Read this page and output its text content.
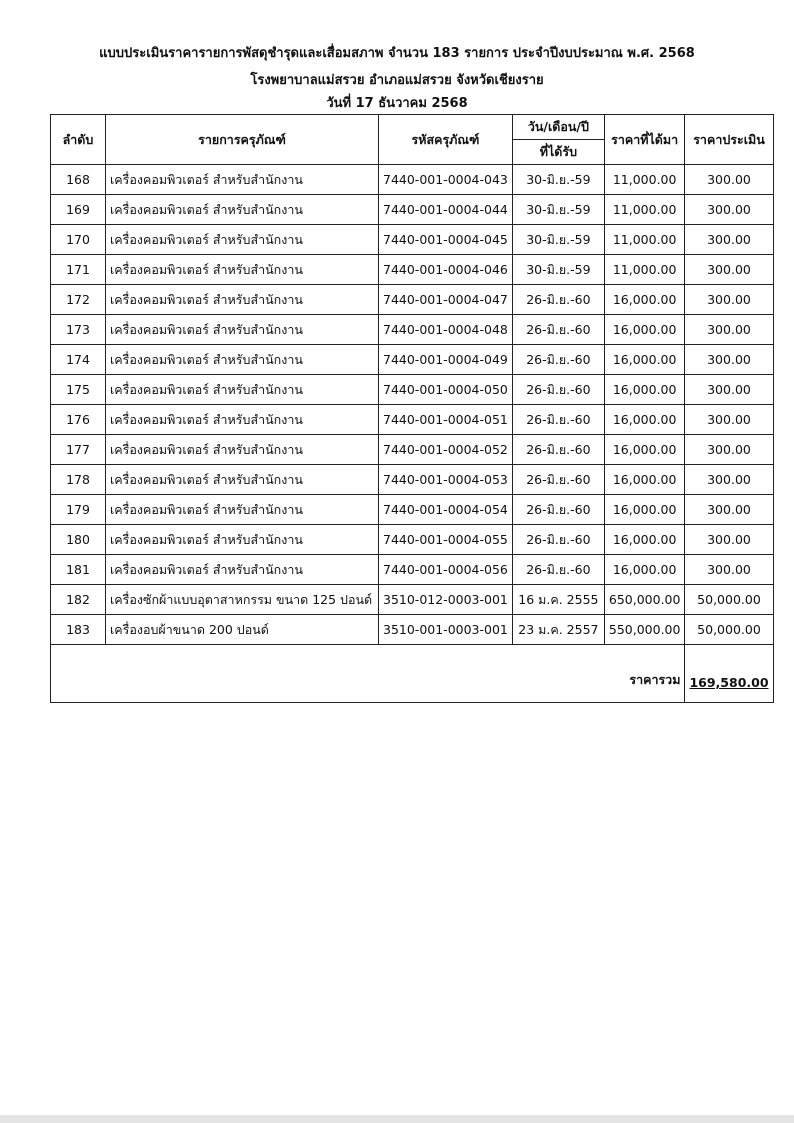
แบบประเมินราคารายการพัสดุชำรุดและเสื่อมสภาพ จำนวน 183 รายการ ประจำปีงบประมาณ พ.ศ. 2568
โรงพยาบาลแม่สรวย อำเภอแม่สรวย จังหวัดเชียงราย
วันที่ 17 ธันวาคม 2568
ลำดับ	รายการครุภัณฑ์	รหัสครุภัณฑ์	วัน/เดือน/ปี	ราคาที่ได้มา	ราคาประเมิน
			ที่ได้รับ		
168	เครื่องคอมพิวเตอร์ สำหรับสำนักงาน	7440-001-0004-043	30-มิ.ย.-59	11,000.00	300.00
169	เครื่องคอมพิวเตอร์ สำหรับสำนักงาน	7440-001-0004-044	30-มิ.ย.-59	11,000.00	300.00
170	เครื่องคอมพิวเตอร์ สำหรับสำนักงาน	7440-001-0004-045	30-มิ.ย.-59	11,000.00	300.00
171	เครื่องคอมพิวเตอร์ สำหรับสำนักงาน	7440-001-0004-046	30-มิ.ย.-59	11,000.00	300.00
172	เครื่องคอมพิวเตอร์ สำหรับสำนักงาน	7440-001-0004-047	26-มิ.ย.-60	16,000.00	300.00
173	เครื่องคอมพิวเตอร์ สำหรับสำนักงาน	7440-001-0004-048	26-มิ.ย.-60	16,000.00	300.00
174	เครื่องคอมพิวเตอร์ สำหรับสำนักงาน	7440-001-0004-049	26-มิ.ย.-60	16,000.00	300.00
175	เครื่องคอมพิวเตอร์ สำหรับสำนักงาน	7440-001-0004-050	26-มิ.ย.-60	16,000.00	300.00
176	เครื่องคอมพิวเตอร์ สำหรับสำนักงาน	7440-001-0004-051	26-มิ.ย.-60	16,000.00	300.00
177	เครื่องคอมพิวเตอร์ สำหรับสำนักงาน	7440-001-0004-052	26-มิ.ย.-60	16,000.00	300.00
178	เครื่องคอมพิวเตอร์ สำหรับสำนักงาน	7440-001-0004-053	26-มิ.ย.-60	16,000.00	300.00
179	เครื่องคอมพิวเตอร์ สำหรับสำนักงาน	7440-001-0004-054	26-มิ.ย.-60	16,000.00	300.00
180	เครื่องคอมพิวเตอร์ สำหรับสำนักงาน	7440-001-0004-055	26-มิ.ย.-60	16,000.00	300.00
181	เครื่องคอมพิวเตอร์ สำหรับสำนักงาน	7440-001-0004-056	26-มิ.ย.-60	16,000.00	300.00
182	เครื่องซักผ้าแบบอุตาสาหกรรม ขนาด 125 ปอนด์	3510-012-0003-001	16 ม.ค. 2555	650,000.00	50,000.00
183	เครื่องอบผ้าขนาด 200 ปอนด์	3510-001-0003-001	23 ม.ค. 2557	550,000.00	50,000.00
ราคารวม					169,580.00
